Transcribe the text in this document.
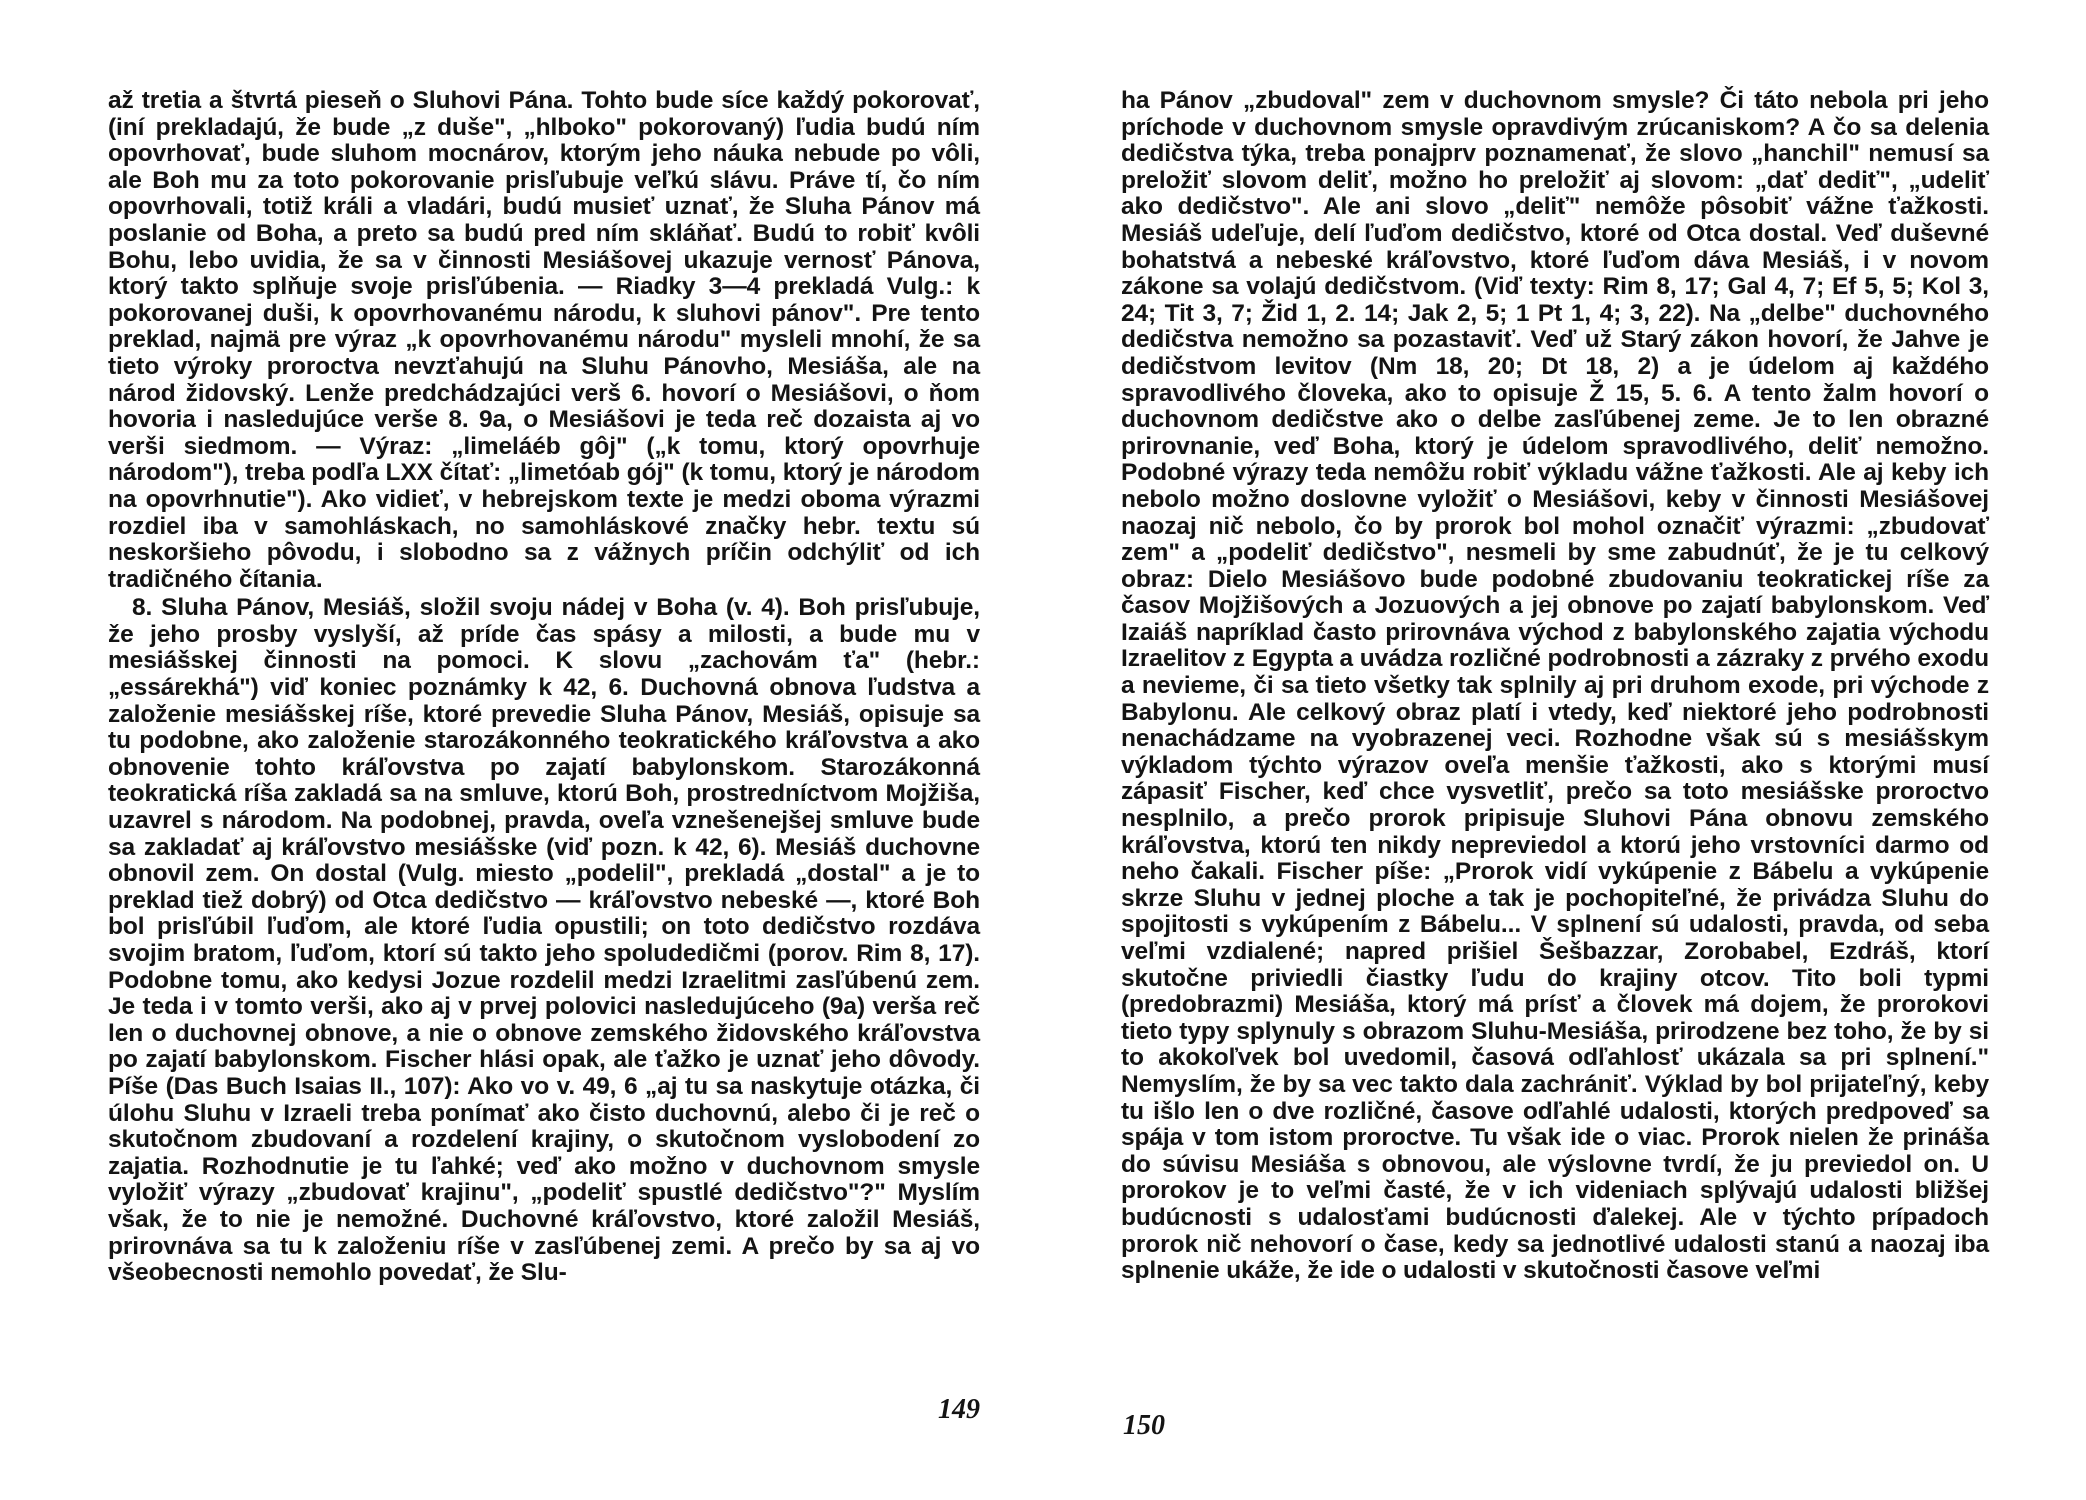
až tretia a štvrtá pieseň o Sluhovi Pána. Tohto bude síce každý pokorovať, (iní prekladajú, že bude „z duše", „hlboko" pokorovaný) ľudia budú ním opovrhovať, bude sluhom mocnárov, ktorým jeho náuka nebude po vôli, ale Boh mu za toto pokorovanie prisľubuje veľkú slávu. Práve tí, čo ním opovrhovali, totiž králi a vladári, budú musieť uznať, že Sluha Pánov má poslanie od Boha, a preto sa budú pred ním skláňať. Budú to robiť kvôli Bohu, lebo uvidia, že sa v činnosti Mesiášovej ukazuje vernosť Pánova, ktorý takto splňuje svoje prisľúbenia. — Riadky 3—4 prekladá Vulg.: k pokorovanej duši, k opovrhovanému národu, k sluhovi pánov". Pre tento preklad, najmä pre výraz „k opovrhovanému národu" mysleli mnohí, že sa tieto výroky proroctva nevzťahujú na Sluhu Pánovho, Mesiáša, ale na národ židovský. Lenže predchádzajúci verš 6. hovorí o Mesiášovi, o ňom hovoria i nasledujúce verše 8. 9a, o Mesiášovi je teda reč dozaista aj vo verši siedmom. — Výraz: „limeláéb gôj" („k tomu, ktorý opovrhuje národom"), treba podľa LXX čítať: „limetóab gój" (k tomu, ktorý je národom na opovrhnutie"). Ako vidieť, v hebrejskom texte je medzi oboma výrazmi rozdiel iba v samohláskach, no samohláskové značky hebr. textu sú neskoršieho pôvodu, i slobodno sa z vážnych príčin odchýliť od ich tradičného čítania.

8. Sluha Pánov, Mesiáš, složil svoju nádej v Boha (v. 4). Boh prisľubuje, že jeho prosby vyslyší, až príde čas spásy a milosti, a bude mu v mesiášskej činnosti na pomoci. K slovu „zachovám ťa" (hebr.: „essárekhá") viď koniec poznámky k 42, 6. Duchovná obnova ľudstva a založenie mesiášskej ríše, ktoré prevedie Sluha Pánov, Mesiáš, opisuje sa tu podobne, ako založenie starozákonného teokratického kráľovstva a ako obnovenie tohto kráľovstva po zajatí babylonskom. Starozákonná teokratická ríša zakladá sa na smluve, ktorú Boh, prostredníctvom Mojžiša, uzavrel s národom. Na podobnej, pravda, oveľa vznešenejšej smluve bude sa zakladať aj kráľovstvo mesiášske (viď pozn. k 42, 6). Mesiáš duchovne obnovil zem. On dostal (Vulg. miesto „podelil", prekladá „dostal" a je to preklad tiež dobrý) od Otca dedičstvo — kráľovstvo nebeské —, ktoré Boh bol prisľúbil ľuďom, ale ktoré ľudia opustili; on toto dedičstvo rozdáva svojim bratom, ľuďom, ktorí sú takto jeho spoludedičmi (porov. Rim 8, 17). Podobne tomu, ako kedysi Jozue rozdelil medzi Izraelitmi zasľúbenú zem. Je teda i v tomto verši, ako aj v prvej polovici nasledujúceho (9a) verša reč len o duchovnej obnove, a nie o obnove zemského židovského kráľovstva po zajatí babylonskom. Fischer hlási opak, ale ťažko je uznať jeho dôvody. Píše (Das Buch Isaias II., 107): Ako vo v. 49, 6 „aj tu sa naskytuje otázka, či úlohu Sluhu v Izraeli treba ponímať ako čisto duchovnú, alebo či je reč o skutočnom zbudovaní a rozdelení krajiny, o skutočnom vyslobodení zo zajatia. Rozhodnutie je tu ľahké; veď ako možno v duchovnom smysle vyložiť výrazy „zbudovať krajinu", „podeliť spustlé dedičstvo"?" Myslím však, že to nie je nemožné. Duchovné kráľovstvo, ktoré založil Mesiáš, prirovnáva sa tu k založeniu ríše v zasľúbenej zemi. A prečo by sa aj vo všeobecnosti nemohlo povedať, že Slu-

149

ha Pánov „zbudoval" zem v duchovnom smysle? Či táto nebola pri jeho príchode v duchovnom smysle opravdivým zrúcaniskom? A čo sa delenia dedičstva týka, treba ponajprv poznamenať, že slovo „hanchil" nemusí sa preložiť slovom deliť, možno ho preložiť aj slovom: „dať dediť", „udeliť ako dedičstvo". Ale ani slovo „deliť" nemôže pôsobiť vážne ťažkosti. Mesiáš udeľuje, delí ľuďom dedičstvo, ktoré od Otca dostal. Veď duševné bohatstvá a nebeské kráľovstvo, ktoré ľuďom dáva Mesiáš, i v novom zákone sa volajú dedičstvom. (Viď texty: Rim 8, 17; Gal 4, 7; Ef 5, 5; Kol 3, 24; Tit 3, 7; Žid 1, 2. 14; Jak 2, 5; 1 Pt 1, 4; 3, 22). Na „delbe" duchovného dedičstva nemožno sa pozastaviť. Veď už Starý zákon hovorí, že Jahve je dedičstvom levitov (Nm 18, 20; Dt 18, 2) a je údelom aj každého spravodlivého človeka, ako to opisuje Ž 15, 5. 6. A tento žalm hovorí o duchovnom dedičstve ako o delbe zasľúbenej zeme. Je to len obrazné prirovnanie, veď Boha, ktorý je údelom spravodlivého, deliť nemožno. Podobné výrazy teda nemôžu robiť výkladu vážne ťažkosti. Ale aj keby ich nebolo možno doslovne vyložiť o Mesiášovi, keby v činnosti Mesiášovej naozaj nič nebolo, čo by prorok bol mohol označiť výrazmi: „zbudovať zem" a „podeliť dedičstvo", nesmeli by sme zabudnúť, že je tu celkový obraz: Dielo Mesiášovo bude podobné zbudovaniu teokratickej ríše za časov Mojžišových a Jozuových a jej obnove po zajatí babylonskom. Veď Izaiáš napríklad často prirovnáva východ z babylonského zajatia východu Izraelitov z Egypta a uvádza rozličné podrobnosti a zázraky z prvého exodu a nevieme, či sa tieto všetky tak splnily aj pri druhom exode, pri východe z Babylonu. Ale celkový obraz platí i vtedy, keď niektoré jeho podrobnosti nenachádzame na vyobrazenej veci. Rozhodne však sú s mesiášskym výkladom týchto výrazov oveľa menšie ťažkosti, ako s ktorými musí zápasiť Fischer, keď chce vysvetliť, prečo sa toto mesiášske proroctvo nesplnilo, a prečo prorok pripisuje Sluhovi Pána obnovu zemského kráľovstva, ktorú ten nikdy nepreviedol a ktorú jeho vrstovníci darmo od neho čakali. Fischer píše: „Prorok vidí vykúpenie z Bábelu a vykúpenie skrze Sluhu v jednej ploche a tak je pochopiteľné, že privádza Sluhu do spojitosti s vykúpením z Bábelu... V splnení sú udalosti, pravda, od seba veľmi vzdialené; napred prišiel Šešbazzar, Zorobabel, Ezdráš, ktorí skutočne priviedli čiastky ľudu do krajiny otcov. Tito boli typmi (predobrazmi) Mesiáša, ktorý má prísť a človek má dojem, že prorokovi tieto typy splynuly s obrazom Sluhu-Mesiáša, prirodzene bez toho, že by si to akokoľvek bol uvedomil, časová odľahlosť ukázala sa pri splnení." Nemyslím, že by sa vec takto dala zachrániť. Výklad by bol prijateľný, keby tu išlo len o dve rozličné, časove odľahlé udalosti, ktorých predpoveď sa spája v tom istom proroctve. Tu však ide o viac. Prorok nielen že prináša do súvisu Mesiáša s obnovou, ale výslovne tvrdí, že ju previedol on. U prorokov je to veľmi časté, že v ich videniach splývajú udalosti bližšej budúcnosti s udalosťami budúcnosti ďalekej. Ale v týchto prípadoch prorok nič nehovorí o čase, kedy sa jednotlivé udalosti stanú a naozaj iba splnenie ukáže, že ide o udalosti v skutočnosti časove veľmi

150
